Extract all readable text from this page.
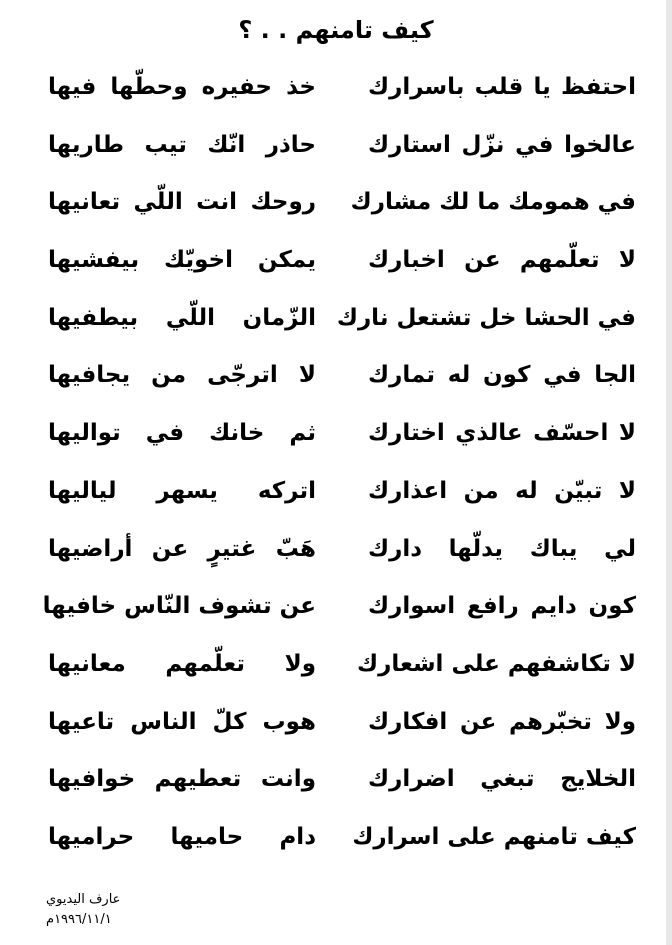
كيف تامنهم . . ؟
احتفظ يا قلب باسرارك
خذ حفيره وحطّها فيها
عالخوا في نزّل استارك
حاذر انّك تيب طاريها
في همومك ما لك مشارك
روحك انت اللّي تعانيها
لا تعلّمهم عن اخبارك
يمكن اخويّك بيفشيها
في الحشا خل تشتعل نارك
الزّمان اللّي بيطفيها
الجا في كون له تمارك
لا اترجّى من يجافيها
لا احسّف عالذي اختارك
ثم خانك في تواليها
لا تبيّن له من اعذارك
اتركه يسهر لياليها
لي يباك يدلّها دارك
هَبّ غتيرٍ عن أراضيها
كون دايم رافع اسوارك
عن تشوف النّاس خافيها
لا تكاشفهم على اشعارك
ولا تعلّمهم معانيها
ولا تخبّرهم عن افكارك
هوب كلّ الناس تاعيها
الخلايج تبغي اضرارك
وانت تعطيهم خوافيها
كيف تامنهم على اسرارك
دام حاميها حراميها
عارف اليديوي
١٩٩٦/١١/١م
